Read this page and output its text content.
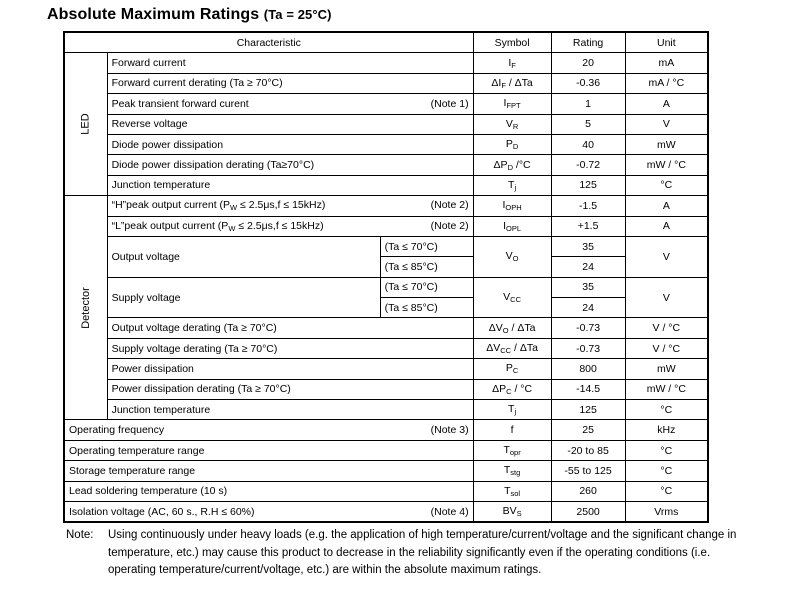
Absolute Maximum Ratings (Ta = 25°C)
Characteristic			Symbol	Rating	Unit
LED	Forward current		$I_F$	20	mA

	Forward current derating (Ta ≥ 70°C)		$\Delta I_F$ / ΔTa	-0.36	mA / °C

	Peak transient forward curent (Note 1)		$I_{FPT}$	1	A

	Reverse voltage		$V_R$	5	V

	Diode power dissipation		$P_D$	40	mW

	Diode power dissipation derating (Ta≥70°C)		$\Delta P_D$ /°C	-0.72	mW / °C

	Junction temperature		$T_j$	125	°C
Detector	“H”peak output current $(P_W \le 2.5\mu s,f \le 15kHz)$ (Note 2)		$I_{OPH}$	-1.5	A

	“L”peak output current $(P_W \le 2.5\mu s,f \le 15kHz)$ (Note 2)		$I_{OPL}$	+1.5	A
	Output voltage	(Ta ≤ 70°C)	$V_O$	35	V
		(Ta ≤ 85°C)		24	
	Supply voltage	(Ta ≤ 70°C)	$V_{CC}$	35	V
		(Ta ≤ 85°C)		24	

	Output voltage derating (Ta ≥ 70°C)		$\Delta V_O$ / ΔTa	-0.73	V / °C

	Supply voltage derating (Ta ≥ 70°C)		$\Delta V_{CC}$ / ΔTa	-0.73	V / °C

	Power dissipation		$P_C$	800	mW

	Power dissipation derating (Ta ≥ 70°C)		$\Delta P_C / ^\circ C$	-14.5	mW / °C

	Junction temperature		$T_j$	125	°C

Operating frequency (Note 3)			f	25	kHz

Operating temperature range			$T_{opr}$	-20 to 85	°C

Storage temperature range			$T_{stg}$	-55 to 125	°C

Lead soldering temperature (10 s)			$T_{sol}$	260	°C

Isolation voltage (AC, 60 s., R.H ≤ 60%) (Note 4)			$BV_S$	2500	Vrms
Note:	Using continuously under heavy loads (e.g. the application of high temperature/current/voltage and the significant change in temperature, etc.) may cause this product to decrease in the reliability significantly even if the operating conditions (i.e. operating temperature/current/voltage, etc.) are within the absolute maximum ratings.
